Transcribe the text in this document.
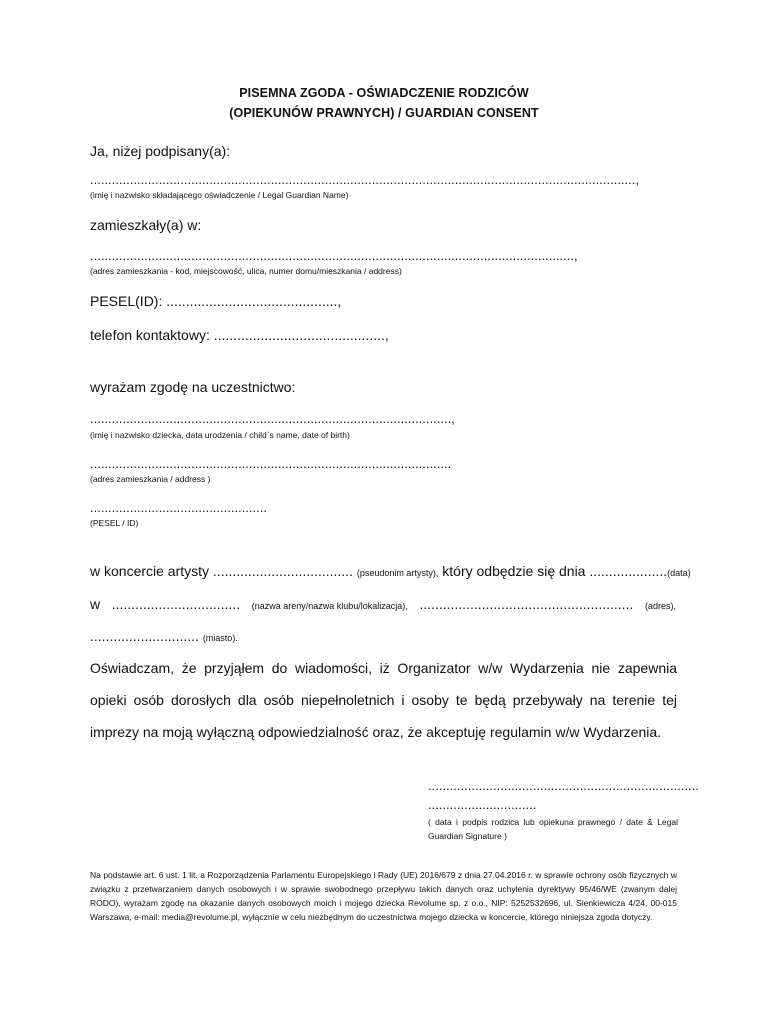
PISEMNA ZGODA - OŚWIADCZENIE RODZICÓW
(OPIEKUNÓW PRAWNYCH) / GUARDIAN CONSENT
Ja, niżej podpisany(a):
.......................................................................................................................................................,
(imię i nazwisko składającego oświadczenie / Legal Guardian Name)
zamieszkały(a) w:
......................................................................................................................................,
(adres zamieszkania - kod, miejscowość, ulica, numer domu/mieszkania / address)
PESEL(ID): ............................................,
telefon kontaktowy: ............................................,
wyrażam zgodę na uczestnictwo:
....................................................................................................,
(imię i nazwisko dziecka, data urodzenia / child`s name, date of birth)
....................................................................................................
(adres zamieszkania / address )
.................................................
(PESEL / ID)
w koncercie artysty .................................... (pseudonim artysty), który odbędzie się dnia .................... (data)
w ................................. (nazwa areny/nazwa klubu/lokalizacja), ....................................................... (adres),
............................ (miasto).
Oświadczam, że przyjąłem do wiadomości, iż Organizator w/w Wydarzenia nie zapewnia opieki osób dorosłych dla osób niepełnoletnich i osoby te będą przebywały na terenie tej imprezy na moją wyłączną odpowiedzialność oraz, że akceptuję regulamin w/w Wydarzenia.
...........................................................................
..............................
( data i podpis rodzica lub opiekuna prawnego / date & Legal Guardian Signature )
Na podstawie art. 6 ust. 1 lit. a Rozporządzenia Parlamentu Europejskiego i Rady (UE) 2016/679 z dnia 27.04.2016 r. w sprawie ochrony osób fizycznych w związku z przetwarzaniem danych osobowych i w sprawie swobodnego przepływu takich danych oraz uchylenia dyrektywy 95/46/WE (zwanym dalej RODO), wyrażam zgodę na okazanie danych osobowych moich i mojego dziecka Revolume sp. z o.o., NIP: 5252532696, ul. Sienkiewicza 4/24, 00-015 Warszawa, e-mail: media@revolume.pl, wyłącznie w celu niezbędnym do uczestnictwa mojego dziecka w koncercie, którego niniejsza zgoda dotyczy.
